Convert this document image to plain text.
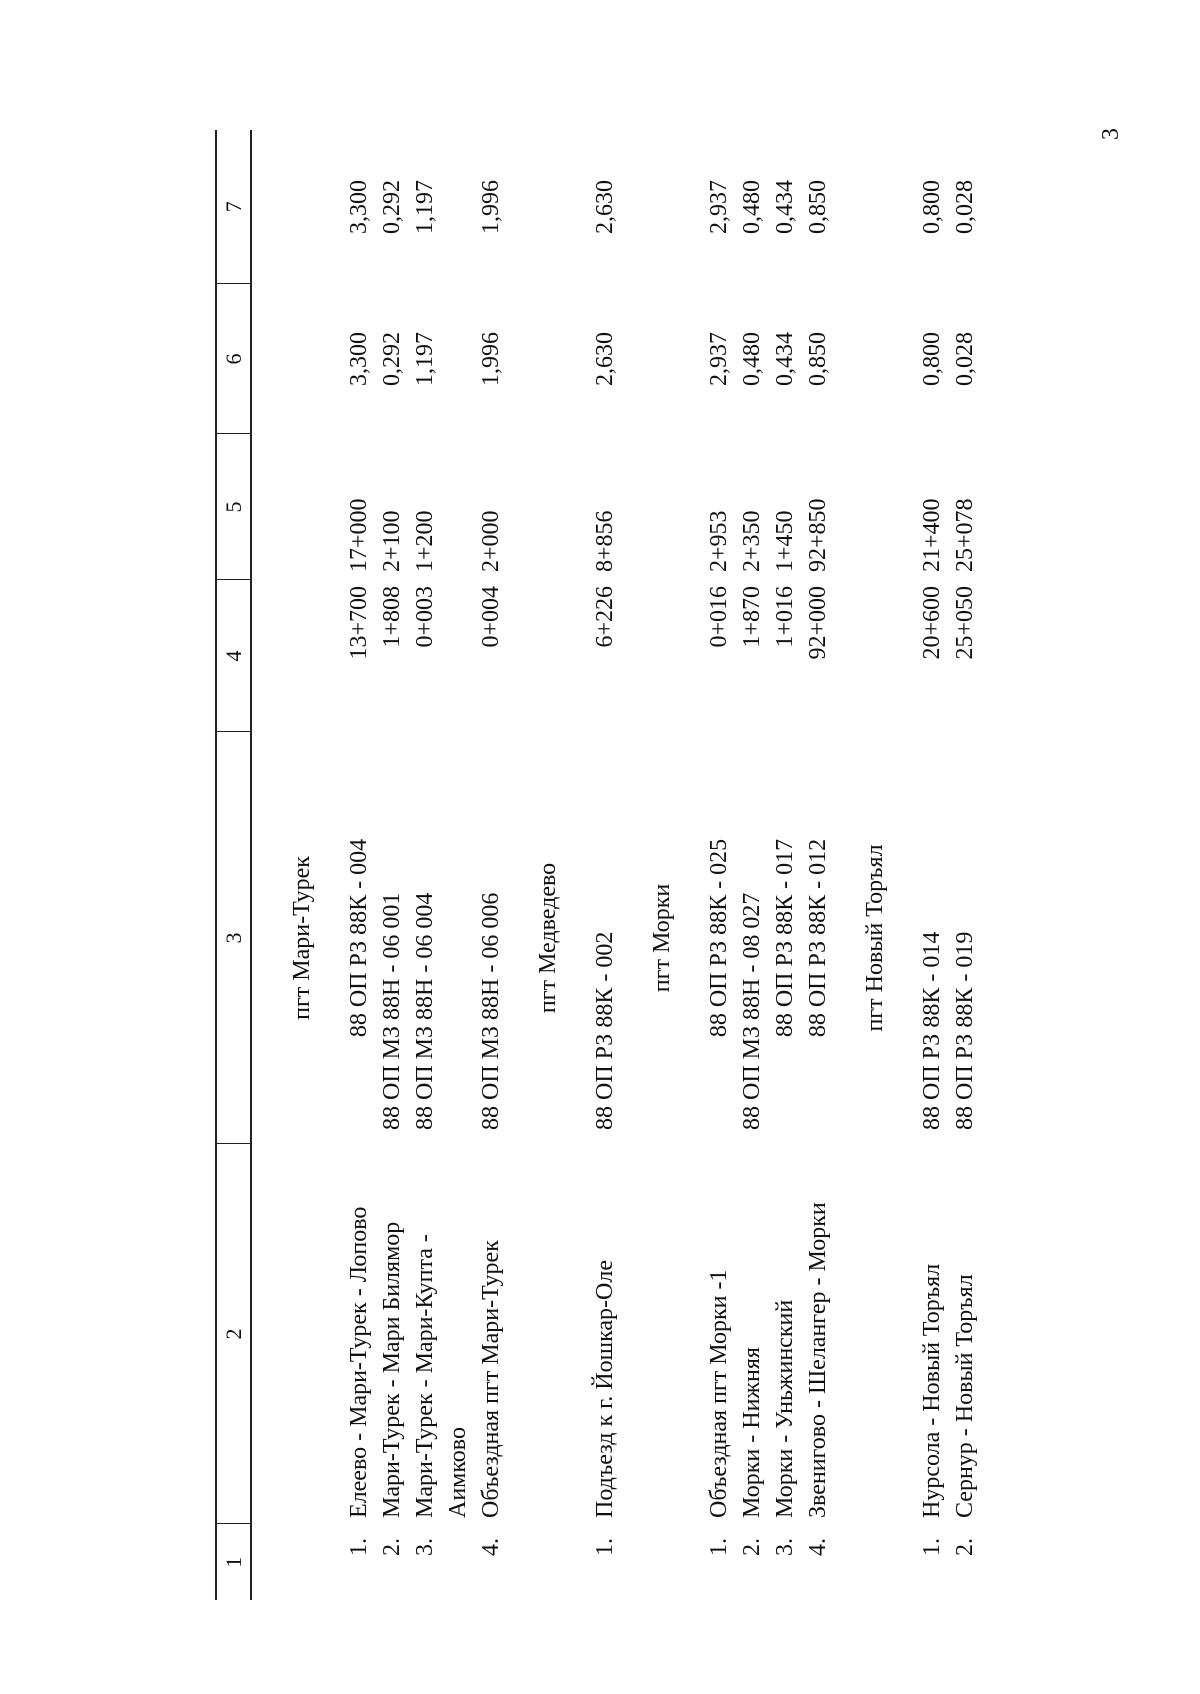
3
1	2	3	4	5	6	7
		пгт Мари-Турек				
1.	Елеево - Мари-Турек - Лопово	88 ОП РЗ 88К - 004	13+700	17+000	3,300	3,300
2.	Мари-Турек - Мари Билямор	88 ОП МЗ 88Н - 06 001	1+808	2+100	0,292	0,292
3.	Мари-Турек - Мари-Купта - Аимково	88 ОП МЗ 88Н - 06 004	0+003	1+200	1,197	1,197
4.	Объездная пгт Мари-Турек	88 ОП МЗ 88Н - 06 006	0+004	2+000	1,996	1,996
		пгт Медведево				
1.	Подъезд к г. Йошкар-Оле	88 ОП РЗ 88К - 002	6+226	8+856	2,630	2,630
		пгт Морки				
1.	Объездная пгт Морки -1	88 ОП РЗ 88К - 025	0+016	2+953	2,937	2,937
2.	Морки - Нижняя	88 ОП МЗ 88Н - 08 027	1+870	2+350	0,480	0,480
3.	Морки - Уньжинский	88 ОП РЗ 88К - 017	1+016	1+450	0,434	0,434
4.	Звенигово - Шелангер - Морки	88 ОП РЗ 88К - 012	92+000	92+850	0,850	0,850
		пгт Новый Торъял				
1.	Нурсола - Новый Торъял	88 ОП РЗ 88К - 014	20+600	21+400	0,800	0,800
2.	Сернур - Новый Торъял	88 ОП РЗ 88К - 019	25+050	25+078	0,028	0,028
